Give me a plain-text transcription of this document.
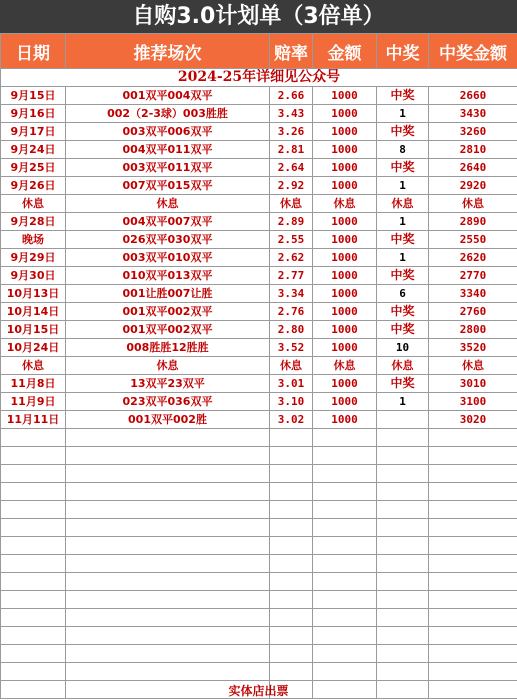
自购3.0计划单（3倍单）
日期	推荐场次	赔率	金额	中奖	中奖金额
2024-25年详细见公众号					
9月15日	001双平004双平	2.66	1000	中奖	2660
9月16日	002（2-3球）003胜胜	3.43	1000	1	3430
9月17日	003双平006双平	3.26	1000	中奖	3260
9月24日	004双平011双平	2.81	1000	8	2810
9月25日	003双平011双平	2.64	1000	中奖	2640
9月26日	007双平015双平	2.92	1000	1	2920
休息	休息	休息	休息	休息	休息
9月28日	004双平007双平	2.89	1000	1	2890
晚场	026双平030双平	2.55	1000	中奖	2550
9月29日	003双平010双平	2.62	1000	1	2620
9月30日	010双平013双平	2.77	1000	中奖	2770
10月13日	001让胜007让胜	3.34	1000	6	3340
10月14日	001双平002双平	2.76	1000	中奖	2760
10月15日	001双平002双平	2.80	1000	中奖	2800
10月24日	008胜胜12胜胜	3.52	1000	10	3520
休息	休息	休息	休息	休息	休息
11月8日	13双平23双平	3.01	1000	中奖	3010
11月9日	023双平036双平	3.10	1000	1	3100
11月11日	001双平002胜	3.02	1000		3020

实体店出票
